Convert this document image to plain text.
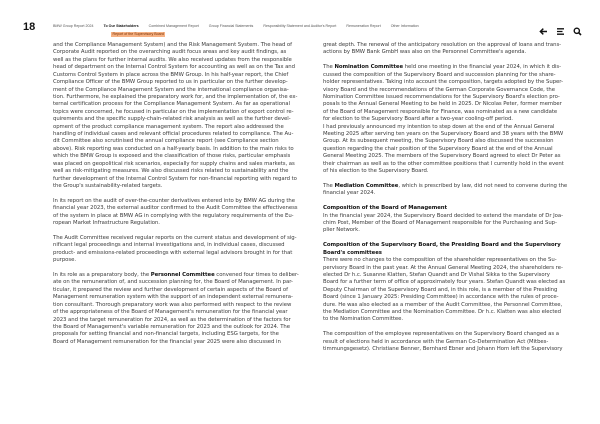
18	BMW Group Report 2024	To Our Stakeholders	Combined Management Report	Group Financial Statements	Responsibility Statement and Auditor's Report	Remuneration Report	Other Information
Report of the Supervisory Board

and the Compliance Management System) and the Risk Management System. The head of
Corporate Audit reported on the overarching audit focus areas and key audit findings, as
well as the plans for further internal audits. We also received updates from the responsible
head of department on the Internal Control System for accounting as well as on the Tax and
Customs Control System in place across the BMW Group. In his half-year report, the Chief
Compliance Officer of the BMW Group reported to us in particular on the further develop-
ment of the Compliance Management System and the international compliance organisa-
tion. Furthermore, he explained the preparatory work for, and the implementation of, the ex-
ternal certification process for the Compliance Management System. As far as operational
topics were concerned, he focused in particular on the implementation of export control re-
quirements and the specific supply-chain-related risk analysis as well as the further devel-
opment of the product compliance management system. The report also addressed the
handling of individual cases and relevant official procedures related to compliance. The Au-
dit Committee also scrutinised the annual compliance report (see Compliance section
above). Risk reporting was conducted on a half-yearly basis. In addition to the main risks to
which the BMW Group is exposed and the classification of those risks, particular emphasis
was placed on geopolitical risk scenarios, especially for supply chains and sales markets, as
well as risk-mitigating measures. We also discussed risks related to sustainability and the
further development of the Internal Control System for non-financial reporting with regard to
the Group's sustainability-related targets.

In its report on the audit of over-the-counter derivatives entered into by BMW AG during the
financial year 2023, the external auditor confirmed to the Audit Committee the effectiveness
of the system in place at BMW AG in complying with the regulatory requirements of the Eu-
ropean Market Infrastructure Regulation.

The Audit Committee received regular reports on the current status and development of sig-
nificant legal proceedings and internal investigations and, in individual cases, discussed
product- and emissions-related proceedings with external legal advisors brought in for that
purpose.

In its role as a preparatory body, the Personnel Committee convened four times to deliber-
ate on the remuneration of, and succession planning for, the Board of Management. In par-
ticular, it prepared the review and further development of certain aspects of the Board of
Management remuneration system with the support of an independent external remunera-
tion consultant. Thorough preparatory work was also performed with respect to the review
of the appropriateness of the Board of Management's remuneration for the financial year
2023 and the target remuneration for 2024, as well as the determination of the factors for
the Board of Management's variable remuneration for 2023 and the outlook for 2024. The
proposals for setting financial and non-financial targets, including ESG targets, for the
Board of Management remuneration for the financial year 2025 were also discussed in

great depth. The renewal of the anticipatory resolution on the approval of loans and trans-
actions by BMW Bank GmbH was also on the Personnel Committee's agenda.

The Nomination Committee held one meeting in the financial year 2024, in which it dis-
cussed the composition of the Supervisory Board and succession planning for the share-
holder representatives. Taking into account the composition, targets adopted by the Super-
visory Board and the recommendations of the German Corporate Governance Code, the
Nomination Committee issued recommendations for the Supervisory Board's election pro-
posals to the Annual General Meeting to be held in 2025. Dr Nicolas Peter, former member
of the Board of Management responsible for Finance, was nominated as a new candidate
for election to the Supervisory Board after a two-year cooling-off period.
I had previously announced my intention to step down at the end of the Annual General
Meeting 2025 after serving ten years on the Supervisory Board and 38 years with the BMW
Group. At its subsequent meeting, the Supervisory Board also discussed the succession
question regarding the chair position of the Supervisory Board at the end of the Annual
General Meeting 2025. The members of the Supervisory Board agreed to elect Dr Peter as
their chairman as well as to the other committee positions that I currently hold in the event
of his election to the Supervisory Board.

The Mediation Committee, which is prescribed by law, did not need to convene during the
financial year 2024.

Composition of the Board of Management
In the financial year 2024, the Supervisory Board decided to extend the mandate of Dr Joa-
chim Post, Member of the Board of Management responsible for the Purchasing and Sup-
plier Network.

Composition of the Supervisory Board, the Presiding Board and the Supervisory
Board's committees
There were no changes to the composition of the shareholder representatives on the Su-
pervisory Board in the past year. At the Annual General Meeting 2024, the shareholders re-
elected Dr h.c. Susanne Klatten, Stefan Quandt and Dr Vishal Sikka to the Supervisory
Board for a further term of office of approximately four years. Stefan Quandt was elected as
Deputy Chairman of the Supervisory Board and, in this role, is a member of the Presiding
Board (since 1 January 2025: Presiding Committee) in accordance with the rules of proce-
dure. He was also elected as a member of the Audit Committee, the Personnel Committee,
the Mediation Committee and the Nomination Committee. Dr h.c. Klatten was also elected
to the Nomination Committee.

The composition of the employee representatives on the Supervisory Board changed as a
result of elections held in accordance with the German Co-Determination Act (Mitbes-
timmungsgesetz). Christiane Benner, Bernhard Ebner and Johann Horn left the Supervisory
